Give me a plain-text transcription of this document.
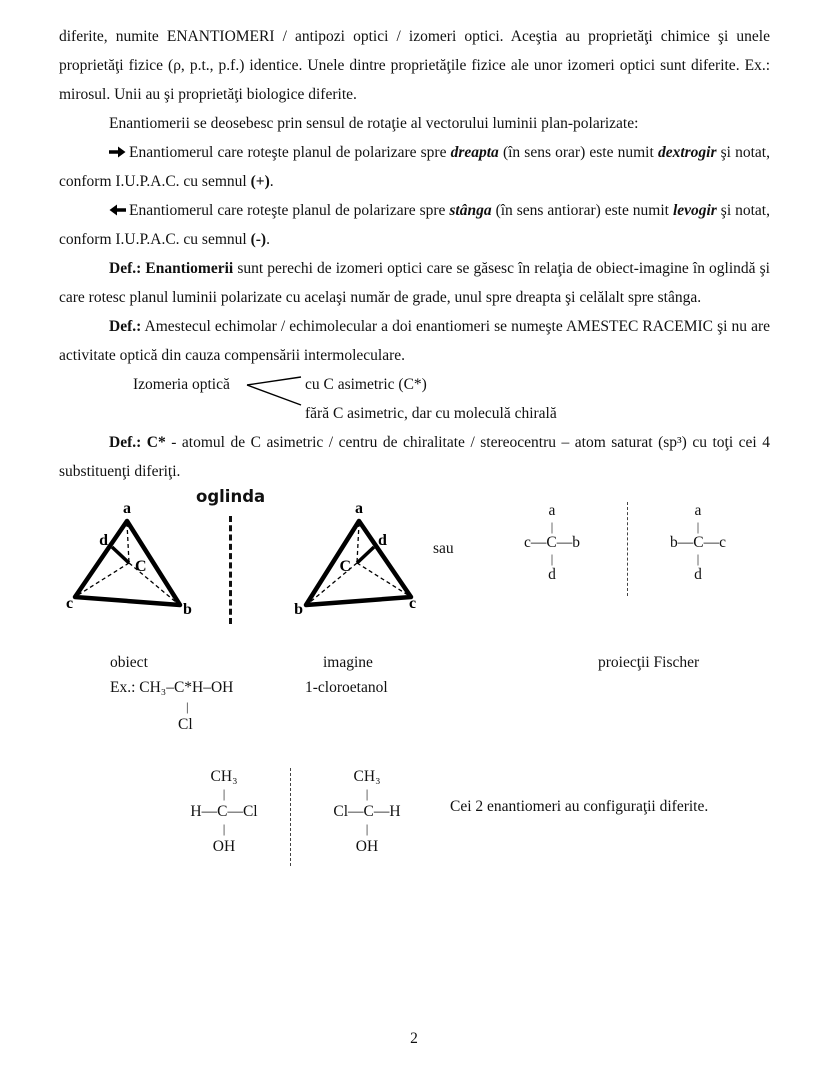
diferite, numite ENANTIOMERI / antipozi optici / izomeri optici. Aceştia au proprietăţi chimice şi unele proprietăţi fizice (ρ, p.t., p.f.) identice. Unele dintre proprietăţile fizice ale unor izomeri optici sunt diferite. Ex.: mirosul. Unii au şi proprietăţi biologice diferite.

Enantiomerii se deosebesc prin sensul de rotaţie al vectorului luminii plan-polarizate:

Enantiomerul care roteşte planul de polarizare spre dreapta (în sens orar) este numit dextrogir şi notat, conform I.U.P.A.C. cu semnul (+).

Enantiomerul care roteşte planul de polarizare spre stânga (în sens antiorar) este numit levogir şi notat, conform I.U.P.A.C. cu semnul (-).

Def.: Enantiomerii sunt perechi de izomeri optici care se găsesc în relaţia de obiect-imagine în oglindă şi care rotesc planul luminii polarizate cu acelaşi număr de grade, unul spre dreapta şi celălalt spre stânga.

Def.: Amestecul echimolar / echimolecular a doi enantiomeri se numeşte AMESTEC RACEMIC şi nu are activitate optică din cauza compensării intermoleculare.

Izomeria optică	cu C asimetric (C*)
fără C asimetric, dar cu moleculă chirală

Def.: C* - atomul de C asimetric / centru de chiralitate / stereocentru – atom saturat (sp³) cu toţi cei 4 substituenţi diferiţi.

a
d
C
c	b
oglinda
a
d
C
b	c
sau
a
|
c—C—b
|
d
a
|
b—C—c
|
d
obiect	imagine	proiecţii Fischer
Ex.: CH₃–C*H–OH	1-cloroetanol
|
Cl
CH₃
|
H—C—Cl
|
OH
CH₃
|
Cl—C—H
|
OH
Cei 2 enantiomeri au configuraţii diferite.
2
